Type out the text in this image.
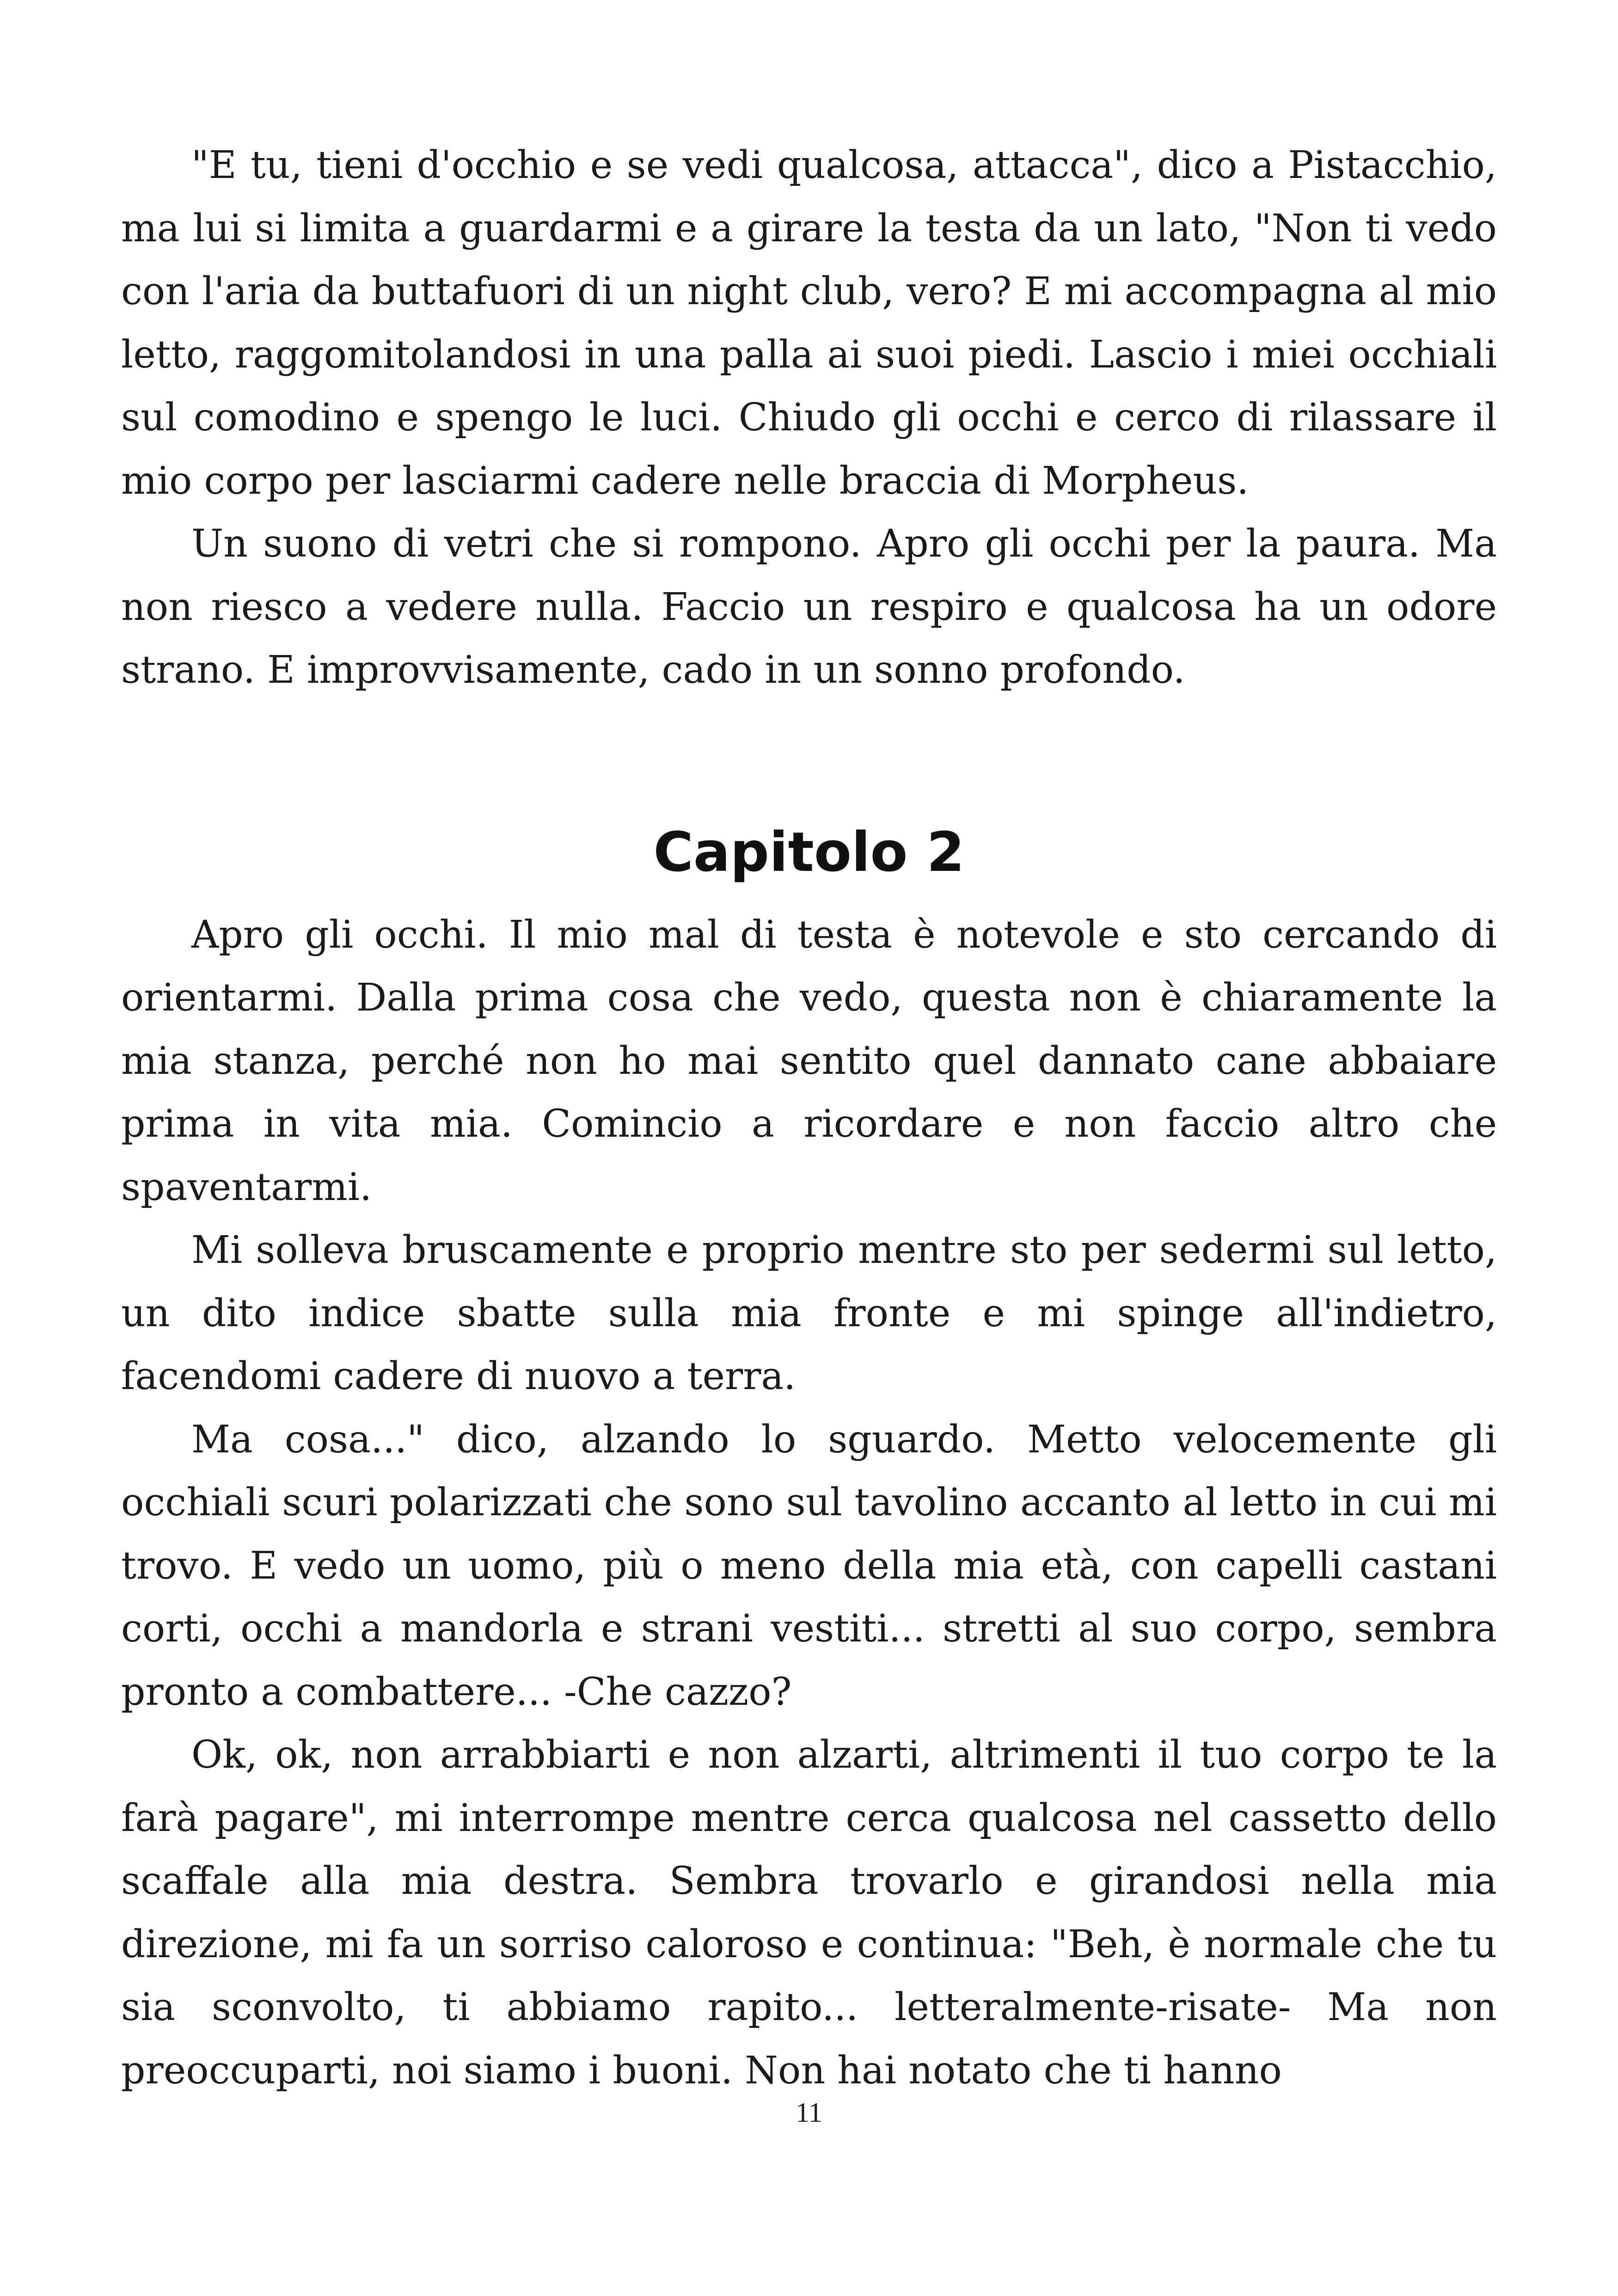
"E tu, tieni d'occhio e se vedi qualcosa, attacca", dico a Pistacchio, ma lui si limita a guardarmi e a girare la testa da un lato, "Non ti vedo con l'aria da buttafuori di un night club, vero? E mi accompagna al mio letto, raggomitolandosi in una palla ai suoi piedi. Lascio i miei occhiali sul comodino e spengo le luci. Chiudo gli occhi e cerco di rilassare il mio corpo per lasciarmi cadere nelle braccia di Morpheus.

Un suono di vetri che si rompono. Apro gli occhi per la paura. Ma non riesco a vedere nulla. Faccio un respiro e qualcosa ha un odore strano. E improvvisamente, cado in un sonno profondo.

Capitolo 2

Apro gli occhi. Il mio mal di testa è notevole e sto cercando di orientarmi. Dalla prima cosa che vedo, questa non è chiaramente la mia stanza, perché non ho mai sentito quel dannato cane abbaiare prima in vita mia. Comincio a ricordare e non faccio altro che spaventarmi.

Mi solleva bruscamente e proprio mentre sto per sedermi sul letto, un dito indice sbatte sulla mia fronte e mi spinge all'indietro, facendomi cadere di nuovo a terra.

Ma cosa..." dico, alzando lo sguardo. Metto velocemente gli occhiali scuri polarizzati che sono sul tavolino accanto al letto in cui mi trovo. E vedo un uomo, più o meno della mia età, con capelli castani corti, occhi a mandorla e strani vestiti... stretti al suo corpo, sembra pronto a combattere... -Che cazzo?

Ok, ok, non arrabbiarti e non alzarti, altrimenti il tuo corpo te la farà pagare", mi interrompe mentre cerca qualcosa nel cassetto dello scaffale alla mia destra. Sembra trovarlo e girandosi nella mia direzione, mi fa un sorriso caloroso e continua: "Beh, è normale che tu sia sconvolto, ti abbiamo rapito... letteralmente-risate- Ma non preoccuparti, noi siamo i buoni. Non hai notato che ti hanno

11
